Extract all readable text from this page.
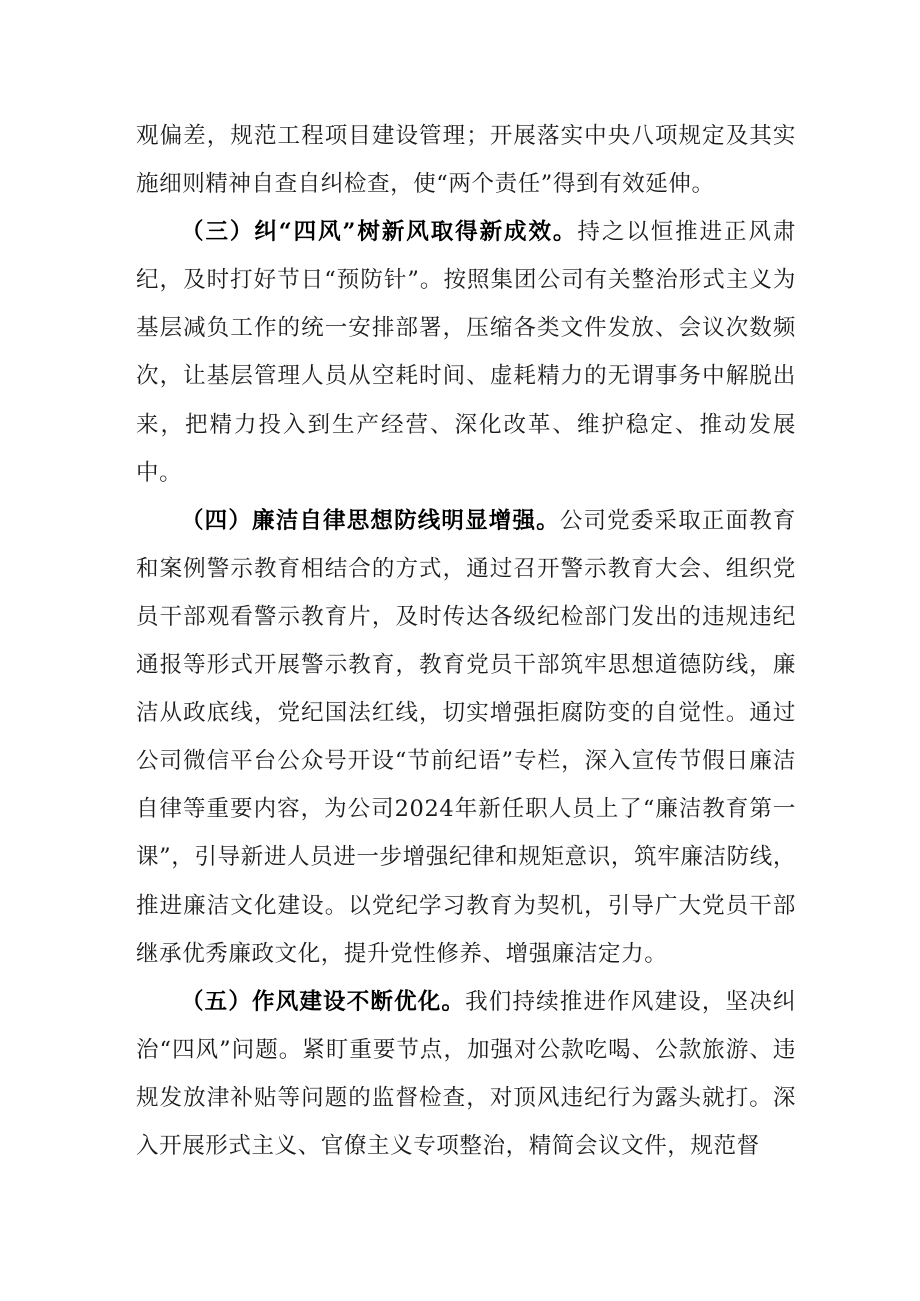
观偏差，规范工程项目建设管理；开展落实中央八项规定及其实施细则精神自查自纠检查，使“两个责任”得到有效延伸。

（三）纠“四风”树新风取得新成效。持之以恒推进正风肃纪，及时打好节日“预防针”。按照集团公司有关整治形式主义为基层减负工作的统一安排部署，压缩各类文件发放、会议次数频次，让基层管理人员从空耗时间、虚耗精力的无谓事务中解脱出来，把精力投入到生产经营、深化改革、维护稳定、推动发展中。

（四）廉洁自律思想防线明显增强。公司党委采取正面教育和案例警示教育相结合的方式，通过召开警示教育大会、组织党员干部观看警示教育片，及时传达各级纪检部门发出的违规违纪通报等形式开展警示教育，教育党员干部筑牢思想道德防线，廉洁从政底线，党纪国法红线，切实增强拒腐防变的自觉性。通过公司微信平台公众号开设“节前纪语”专栏，深入宣传节假日廉洁自律等重要内容，为公司2024年新任职人员上了“廉洁教育第一课”，引导新进人员进一步增强纪律和规矩意识，筑牢廉洁防线，推进廉洁文化建设。以党纪学习教育为契机，引导广大党员干部继承优秀廉政文化，提升党性修养、增强廉洁定力。

（五）作风建设不断优化。我们持续推进作风建设，坚决纠治“四风”问题。紧盯重要节点，加强对公款吃喝、公款旅游、违规发放津补贴等问题的监督检查，对顶风违纪行为露头就打。深入开展形式主义、官僚主义专项整治，精简会议文件，规范督
